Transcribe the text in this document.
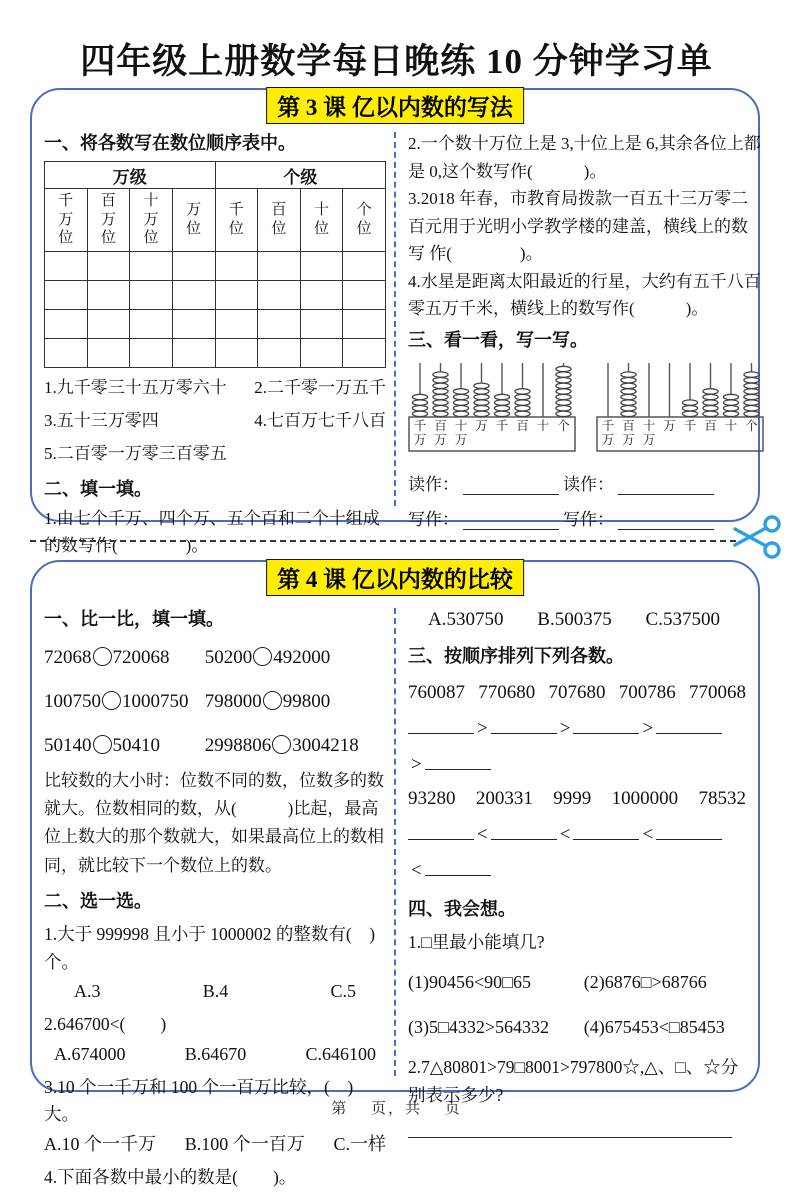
四年级上册数学每日晚练 10 分钟学习单
第 3 课 亿以内数的写法

一、将各数写在数位顺序表中。

万级				个级			
千万位	百万位	十万位	万位	千位	百位	十位	个位

1.九千零三十五万零六十 2.二千零一万五千
3.五十三万零四	4.七百万七千八百
5.二百零一万零三百零五

二、填一填。

1.由七个千万、四个万、五个百和二个十组成的数写作(　　　　)。

2.一个数十万位上是 3,十位上是 6,其余各位上都是 0,这个数写作(　　　)。

3.2018 年春，市教育局拨款一百五十三万零二百元用于光明小学教学楼的建盖，横线上的数写 作(　　　　)。

4.水星是距离太阳最近的行星，大约有五千八百零五万千米，横线上的数写作(　　　)。

三、看一看，写一写。

千
万
百
万
十
万
万 千 百 十 个	千
万
百
万
十
万
万 千 百 十 个
读作：	读作：
写作：	写作：
第 4 课 亿以内数的比较

一、比一比，填一填。

72068 720068	50200 492000
100750 1000750 798000 99800
50140 50410	2998806 3004218

比较数的大小时：位数不同的数，位数多的数就大。位数相同的数，从(　　　)比起，最高位上数大的那个数就大，如果最高位上的数相同，就比较下一个数位上的数。

二、选一选。

1.大于 999998 且小于 1000002 的整数有(　)个。
A.3	B.4	C.5
2.646700<(　　)
A.674000	B.64670	C.646100
3.10 个一千万和 100 个一百万比较，(　)大。
A.10 个一千万 B.100 个一百万 C.一样
4.下面各数中最小的数是(　　)。
A.530750 B.500375 C.537500

三、按顺序排列下列各数。

760087 770680 707680 700786 770068
>	>	>
>
93280 200331 9999 1000000 78532
<	<	<
<

四、我会想。

1.□里最小能填几?
(1)90456<90□65	(2)6876□>68766
(3)5□4332>564332	(4)675453<□85453
2.7△80801>79□8001>797800☆,△、□、☆分别表示多少?
第　 页，共　 页
